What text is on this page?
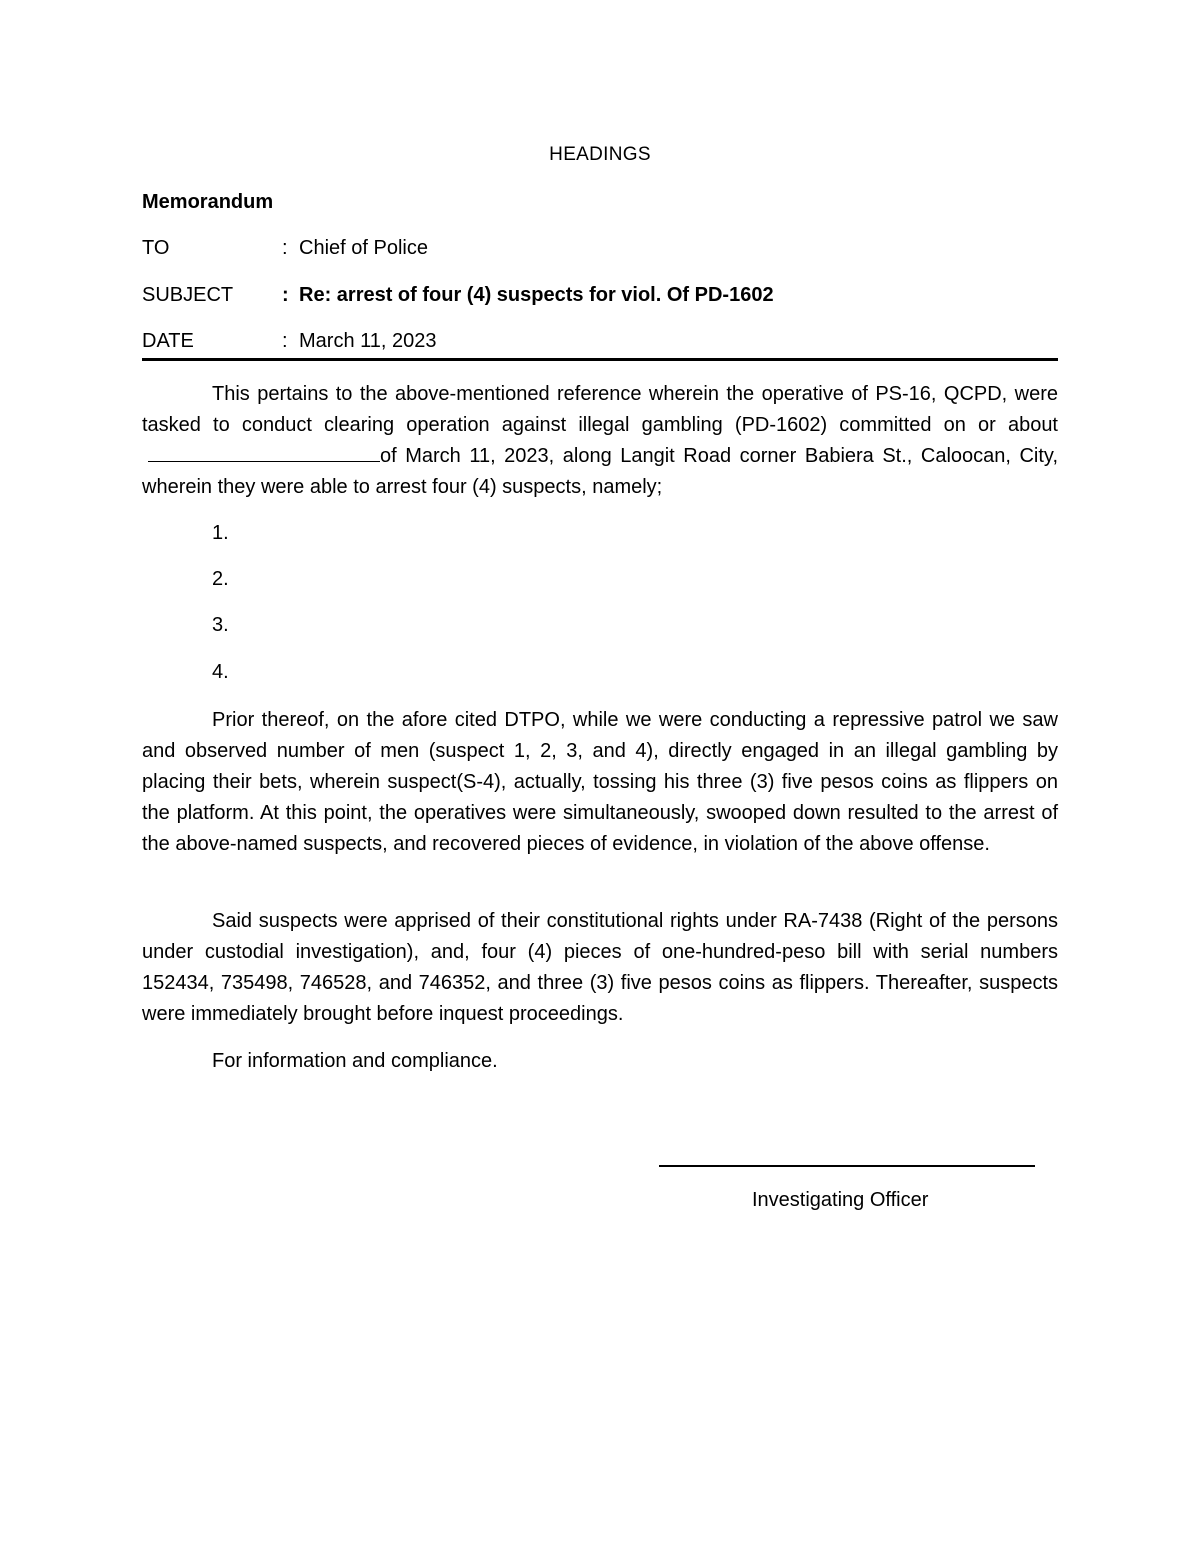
HEADINGS
Memorandum
TO	: Chief of Police
SUBJECT : Re: arrest of four (4) suspects for viol. Of PD-1602
DATE	: March 11, 2023

This pertains to the above-mentioned reference wherein the operative of PS-16, QCPD, were tasked to conduct clearing operation against illegal gambling (PD-1602) committed on or aboutof March 11, 2023, along Langit Road corner Babiera St., Caloocan, City, wherein they were able to arrest four (4) suspects, namely;

1.
2.
3.
4.

Prior thereof, on the afore cited DTPO, while we were conducting a repressive patrol we saw and observed number of men (suspect 1, 2, 3, and 4), directly engaged in an illegal gambling by placing their bets, wherein suspect(S-4), actually, tossing his three (3) five pesos coins as flippers on the platform. At this point, the operatives were simultaneously, swooped down resulted to the arrest of the above-named suspects, and recovered pieces of evidence, in violation of the above offense.

Said suspects were apprised of their constitutional rights under RA-7438 (Right of the persons under custodial investigation), and, four (4) pieces of one-hundred-peso bill with serial numbers 152434, 735498, 746528, and 746352, and three (3) five pesos coins as flippers. Thereafter, suspects were immediately brought before inquest proceedings.

For information and compliance.

Investigating Officer
